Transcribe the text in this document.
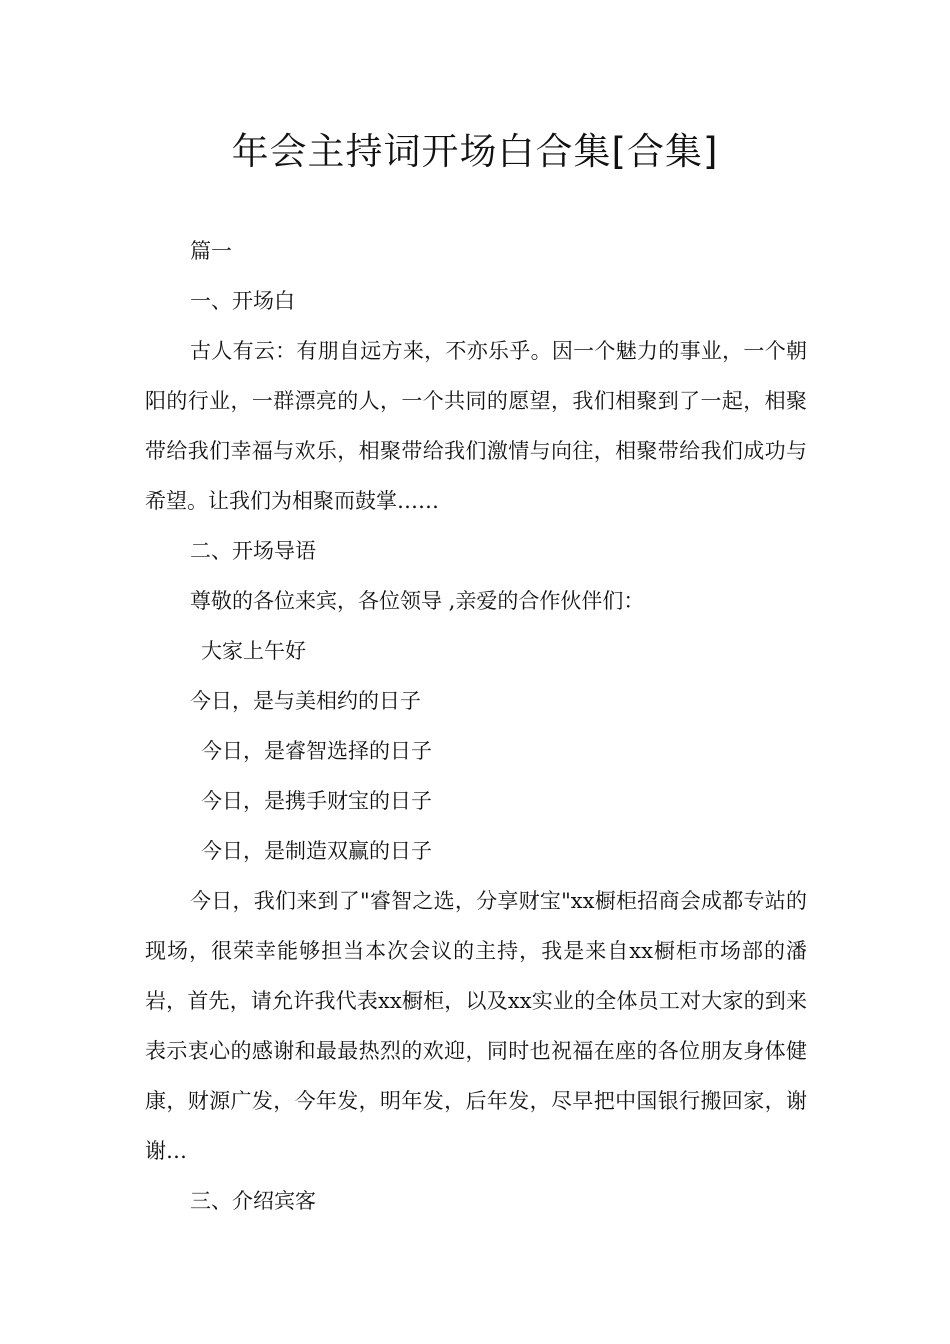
年会主持词开场白合集[合集]

篇一

一、开场白

古人有云：有朋自远方来，不亦乐乎。因一个魅力的事业，一个朝阳的行业，一群漂亮的人，一个共同的愿望，我们相聚到了一起，相聚带给我们幸福与欢乐，相聚带给我们激情与向往，相聚带给我们成功与希望。让我们为相聚而鼓掌……

二、开场导语

尊敬的各位来宾，各位领导 ,亲爱的合作伙伴们：

大家上午好

今日，是与美相约的日子

今日，是睿智选择的日子

今日，是携手财宝的日子

今日，是制造双赢的日子

今日，我们来到了"睿智之选，分享财宝"xx橱柜招商会成都专站的现场，很荣幸能够担当本次会议的主持，我是来自xx橱柜市场部的潘岩，首先，请允许我代表xx橱柜，以及xx实业的全体员工对大家的到来表示衷心的感谢和最最热烈的欢迎，同时也祝福在座的各位朋友身体健康，财源广发，今年发，明年发，后年发，尽早把中国银行搬回家，谢谢…

三、介绍宾客
